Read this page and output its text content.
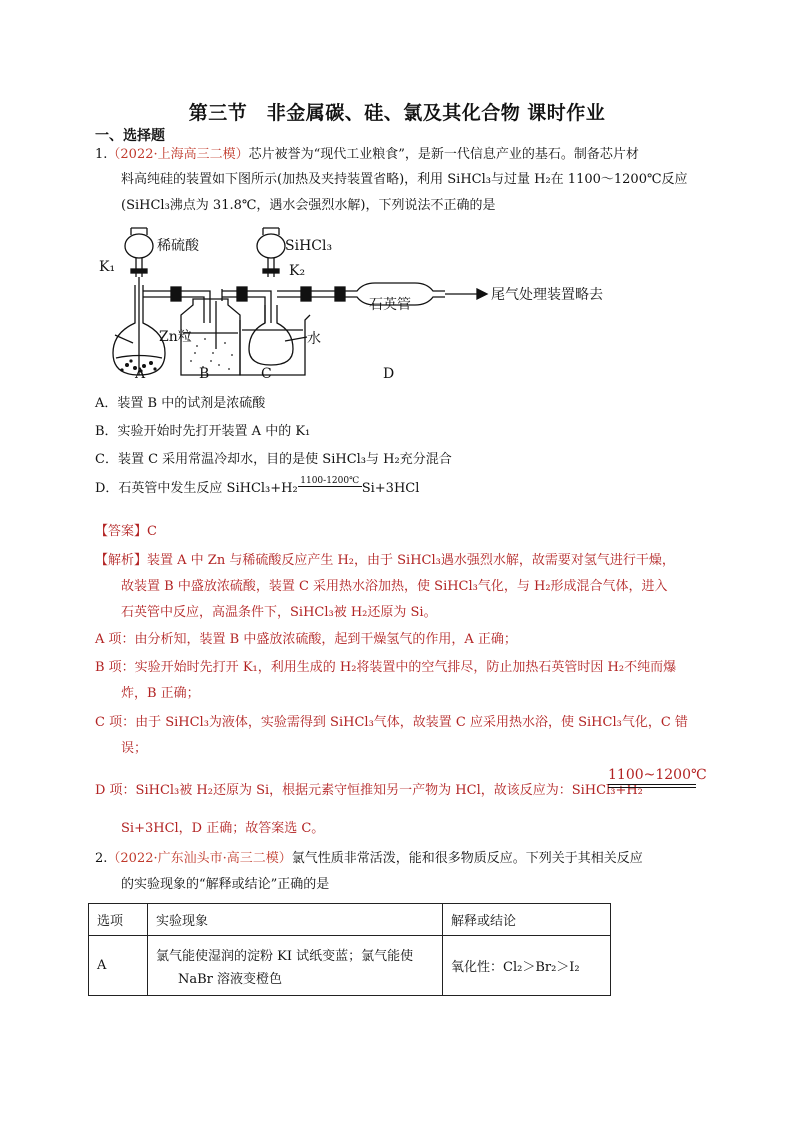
第三节　非金属碳、硅、氯及其化合物 课时作业
一、选择题
1.（2022·上海高三二模）芯片被誉为“现代工业粮食”，是新一代信息产业的基石。制备芯片材
料高纯硅的装置如下图所示(加热及夹持装置省略)，利用 SiHCl₃与过量 H₂在 1100～1200℃反应
(SiHCl₃沸点为 31.8℃，遇水会强烈水解)，下列说法不正确的是
稀硫酸	SiHCl₃
K₁	K₂
Zn粒	水
石英管
尾气处理装置略去
A	B	C	D
A．装置 B 中的试剂是浓硫酸
B．实验开始时先打开装置 A 中的 K₁
C．装置 C 采用常温冷却水，目的是使 SiHCl₃与 H₂充分混合
D．石英管中发生反应 SiHCl₃+H₂ 1100-1200℃ Si+3HCl
【答案】C
【解析】装置 A 中 Zn 与稀硫酸反应产生 H₂，由于 SiHCl₃遇水强烈水解，故需要对氢气进行干燥，
故装置 B 中盛放浓硫酸，装置 C 采用热水浴加热，使 SiHCl₃气化，与 H₂形成混合气体，进入
石英管中反应，高温条件下，SiHCl₃被 H₂还原为 Si。
A 项：由分析知，装置 B 中盛放浓硫酸，起到干燥氢气的作用，A 正确；
B 项：实验开始时先打开 K₁，利用生成的 H₂将装置中的空气排尽，防止加热石英管时因 H₂不纯而爆
炸，B 正确；
C 项：由于 SiHCl₃为液体，实验需得到 SiHCl₃气体，故装置 C 应采用热水浴，使 SiHCl₃气化，C 错
误；
D 项：SiHCl₃被 H₂还原为 Si，根据元素守恒推知另一产物为 HCl，故该反应为：SiHCl₃+H₂
1100~1200℃
Si+3HCl，D 正确；故答案选 C。
2.（2022·广东汕头市·高三二模）氯气性质非常活泼，能和很多物质反应。下列关于其相关反应
的实验现象的“解释或结论”正确的是
选项	实验现象	解释或结论
A	氯气能使湿润的淀粉 KI 试纸变蓝；氯气能使
NaBr 溶液变橙色	氧化性：Cl₂＞Br₂＞I₂
